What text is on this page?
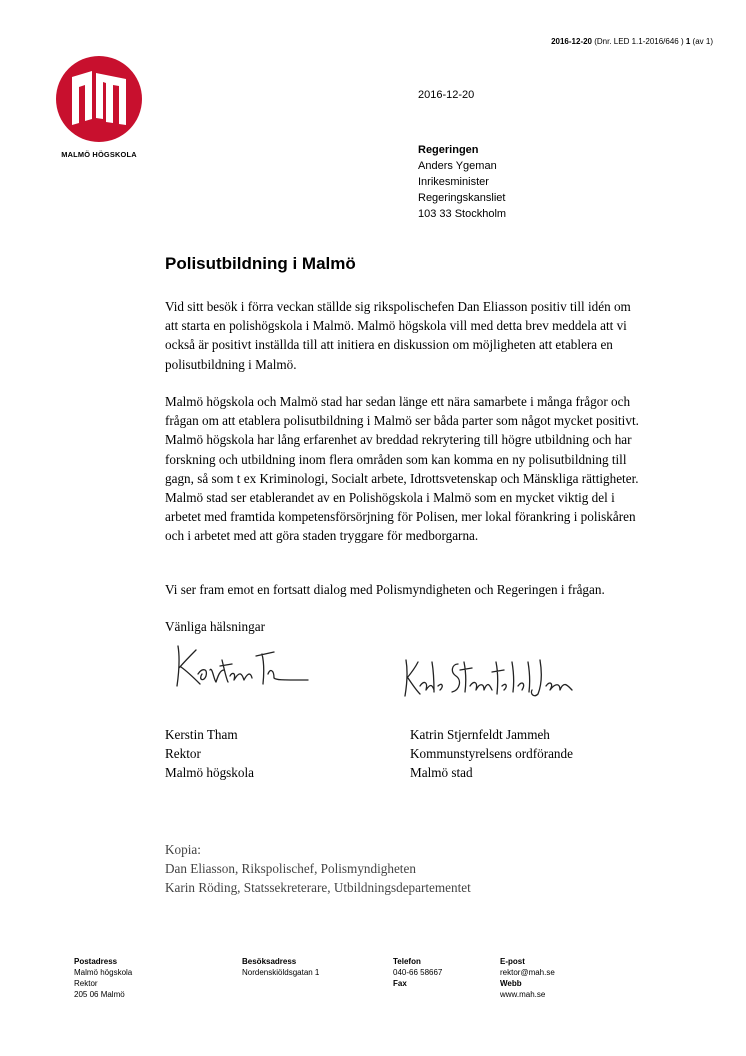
2016-12-20 (Dnr. LED 1.1-2016/646 ) 1 (av 1)
MALMÖ HÖGSKOLA
2016-12-20
Regeringen
Anders Ygeman
Inrikesminister
Regeringskansliet
103 33 Stockholm
Polisutbildning i Malmö

Vid sitt besök i förra veckan ställde sig rikspolischefen Dan Eliasson positiv till idén om att starta en polishögskola i Malmö. Malmö högskola vill med detta brev meddela att vi också är positivt inställda till att initiera en diskussion om möjligheten att etablera en polisutbildning i Malmö.

Malmö högskola och Malmö stad har sedan länge ett nära samarbete i många frågor och frågan om att etablera polisutbildning i Malmö ser båda parter som något mycket positivt. Malmö högskola har lång erfarenhet av breddad rekrytering till högre utbildning och har forskning och utbildning inom flera områden som kan komma en ny polisutbildning till gagn, så som t ex Kriminologi, Socialt arbete, Idrottsvetenskap och Mänskliga rättigheter. Malmö stad ser etablerandet av en Polishögskola i Malmö som en mycket viktig del i arbetet med framtida kompetensförsörjning för Polisen, mer lokal förankring i poliskåren och i arbetet med att göra staden tryggare för medborgarna.

Vi ser fram emot en fortsatt dialog med Polismyndigheten och Regeringen i frågan.

Vänliga hälsningar
Kerstin Tham
Rektor
Malmö högskola
Katrin Stjernfeldt Jammeh
Kommunstyrelsens ordförande
Malmö stad
Kopia:
Dan Eliasson, Rikspolischef, Polismyndigheten
Karin Röding, Statssekreterare, Utbildningsdepartementet
Postadress
Malmö högskola
Rektor
205 06 Malmö
Besöksadress
Nordenskiöldsgatan 1
Telefon
040-66 58667
Fax
E-post
rektor@mah.se
Webb
www.mah.se
